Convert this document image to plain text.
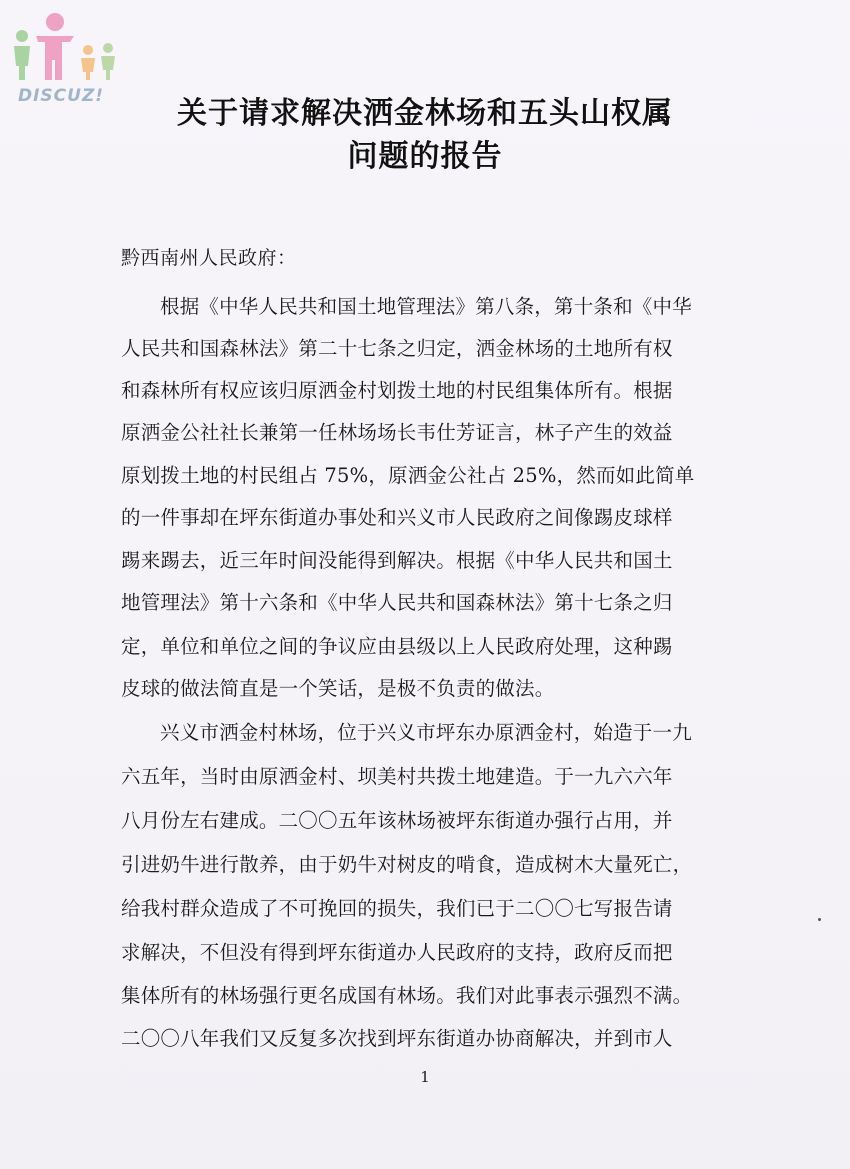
DISCUZ!	关于请求解决洒金林场和五头山权属
问题的报告
黔西南州人民政府：
根据《中华人民共和国土地管理法》第八条，第十条和《中华
人民共和国森林法》第二十七条之归定，洒金林场的土地所有权
和森林所有权应该归原洒金村划拨土地的村民组集体所有。根据
原洒金公社社长兼第一任林场场长韦仕芳证言，林子产生的效益
原划拨土地的村民组占 75%，原洒金公社占 25%，然而如此简单
的一件事却在坪东街道办事处和兴义市人民政府之间像踢皮球样
踢来踢去，近三年时间没能得到解决。根据《中华人民共和国土
地管理法》第十六条和《中华人民共和国森林法》第十七条之归
定，单位和单位之间的争议应由县级以上人民政府处理，这种踢
皮球的做法简直是一个笑话，是极不负责的做法。
兴义市洒金村林场，位于兴义市坪东办原洒金村，始造于一九
六五年，当时由原洒金村、坝美村共拨土地建造。于一九六六年
八月份左右建成。二〇〇五年该林场被坪东街道办强行占用，并
引进奶牛进行散养，由于奶牛对树皮的啃食，造成树木大量死亡，
给我村群众造成了不可挽回的损失，我们已于二〇〇七写报告请
求解决，不但没有得到坪东街道办人民政府的支持，政府反而把
集体所有的林场强行更名成国有林场。我们对此事表示强烈不满。
二〇〇八年我们又反复多次找到坪东街道办协商解决，并到市人
1
